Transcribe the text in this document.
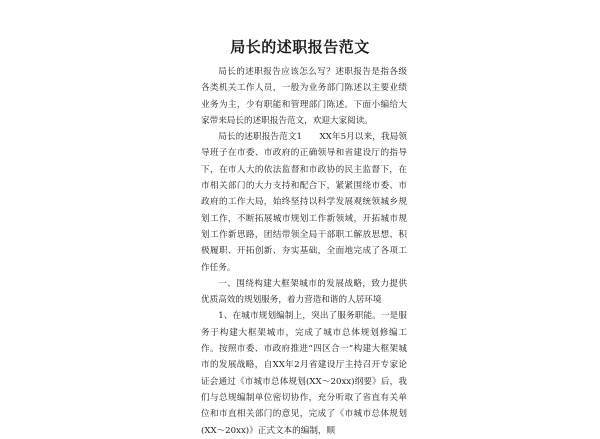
局长的述职报告范文

局长的述职报告应该怎么写？述职报告是指各级各类机关工作人员，一般为业务部门陈述以主要业绩业务为主，少有职能和管理部门陈述。下面小编给大家带来局长的述职报告范文，欢迎大家阅读。

局长的述职报告范文1　　XX年5月以来，我局领导班子在市委、市政府的正确领导和省建设厅的指导下，在市人大的依法监督和市政协的民主监督下，在市相关部门的大力支持和配合下，紧紧围绕市委、市政府的工作大局，始终坚持以科学发展观统领城乡规划工作，不断拓展城市规划工作新领域，开拓城市规划工作新思路，团结带领全局干部职工解放思想、积极履职、开拓创新、夯实基础，全面地完成了各项工作任务。

一、围绕构建大框架城市的发展战略，致力提供优质高效的规划服务，着力营造和谐的人居环境

1、在城市规划编制上，突出了服务职能。一是服务于构建大框架城市，完成了城市总体规划修编工作。按照市委、市政府推进“四区合一”构建大框架城市的发展战略，自XX年2月省建设厅主持召开专家论证会通过《市城市总体规划(XX～20xx)纲要》后，我们与总规编制单位密切协作，充分听取了省直有关单位和市直相关部门的意见，完成了《市城市总体规划(XX～20xx)》正式文本的编制，顺
